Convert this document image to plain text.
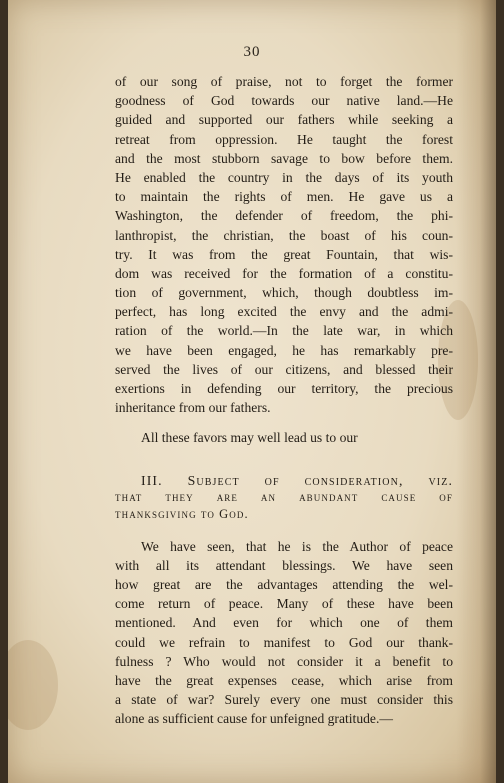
30
of our song of praise, not to forget the former
goodness of God towards our native land.—He
guided and supported our fathers while seeking a
retreat from oppression. He taught the forest
and the most stubborn savage to bow before them.
He enabled the country in the days of its youth
to maintain the rights of men. He gave us a
Washington, the defender of freedom, the phi-
lanthropist, the christian, the boast of his coun-
try. It was from the great Fountain, that wis-
dom was received for the formation of a constitu-
tion of government, which, though doubtless im-
perfect, has long excited the envy and the admi-
ration of the world.—In the late war, in which
we have been engaged, he has remarkably pre-
served the lives of our citizens, and blessed their
exertions in defending our territory, the precious
inheritance from our fathers.
All these favors may well lead us to our
III. Subject of consideration, viz.
that they are an abundant cause of
thanksgiving to God.
We have seen, that he is the Author of peace
with all its attendant blessings. We have seen
how great are the advantages attending the wel-
come return of peace. Many of these have been
mentioned. And even for which one of them
could we refrain to manifest to God our thank-
fulness ? Who would not consider it a benefit to
have the great expenses cease, which arise from
a state of war? Surely every one must consider this
alone as sufficient cause for unfeigned gratitude.—
